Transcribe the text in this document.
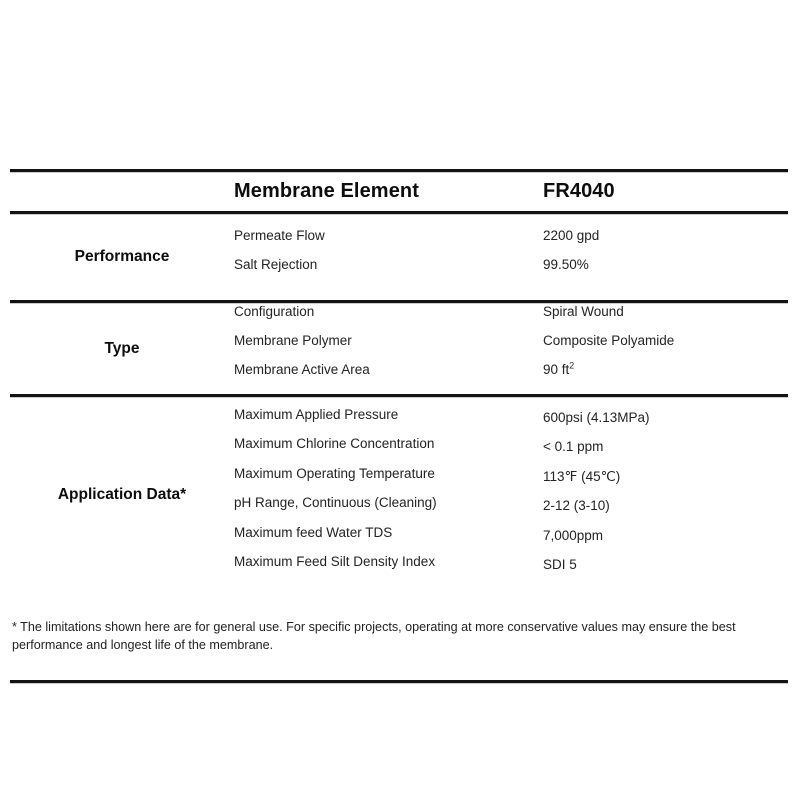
Membrane Element	FR4040
Performance
Permeate Flow	2200 gpd
Salt Rejection	99.50%
Type
Configuration	Spiral Wound
Membrane Polymer	Composite Polyamide
Membrane Active Area	90 $ft^2$
Application Data*
Maximum Applied Pressure	600psi (4.13MPa)
Maximum Chlorine Concentration	< 0.1 ppm
Maximum Operating Temperature	113℉ (45℃)
pH Range, Continuous (Cleaning)	2-12 (3-10)
Maximum feed Water TDS	7,000ppm
Maximum Feed Silt Density Index	SDI 5
* The limitations shown here are for general use. For specific projects, operating at more conservative values may ensure the best performance and longest life of the membrane.
